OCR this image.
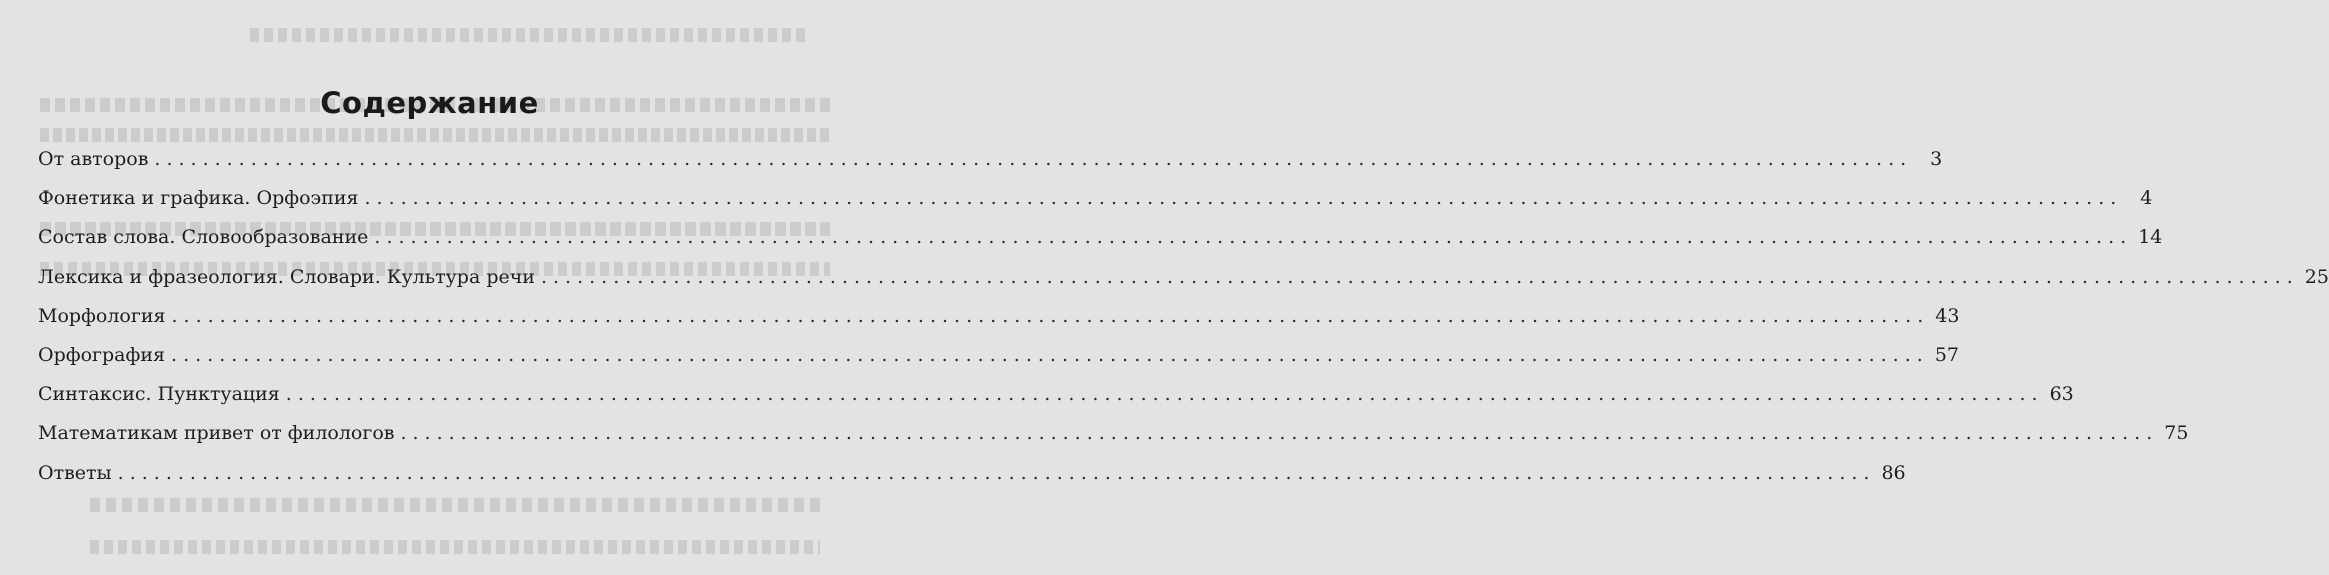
Содержание
От авторов .................................................................................................................................................. 3
Фонетика и графика. Орфоэпия .................................................................................................................................................. 4
Состав слова. Словообразование .................................................................................................................................................. 14
Лексика и фразеология. Словари. Культура речи .................................................................................................................................................. 25
Морфология .................................................................................................................................................. 43
Орфография .................................................................................................................................................. 57
Синтаксис. Пунктуация .................................................................................................................................................. 63
Математикам привет от филологов .................................................................................................................................................. 75
Ответы .................................................................................................................................................. 86
